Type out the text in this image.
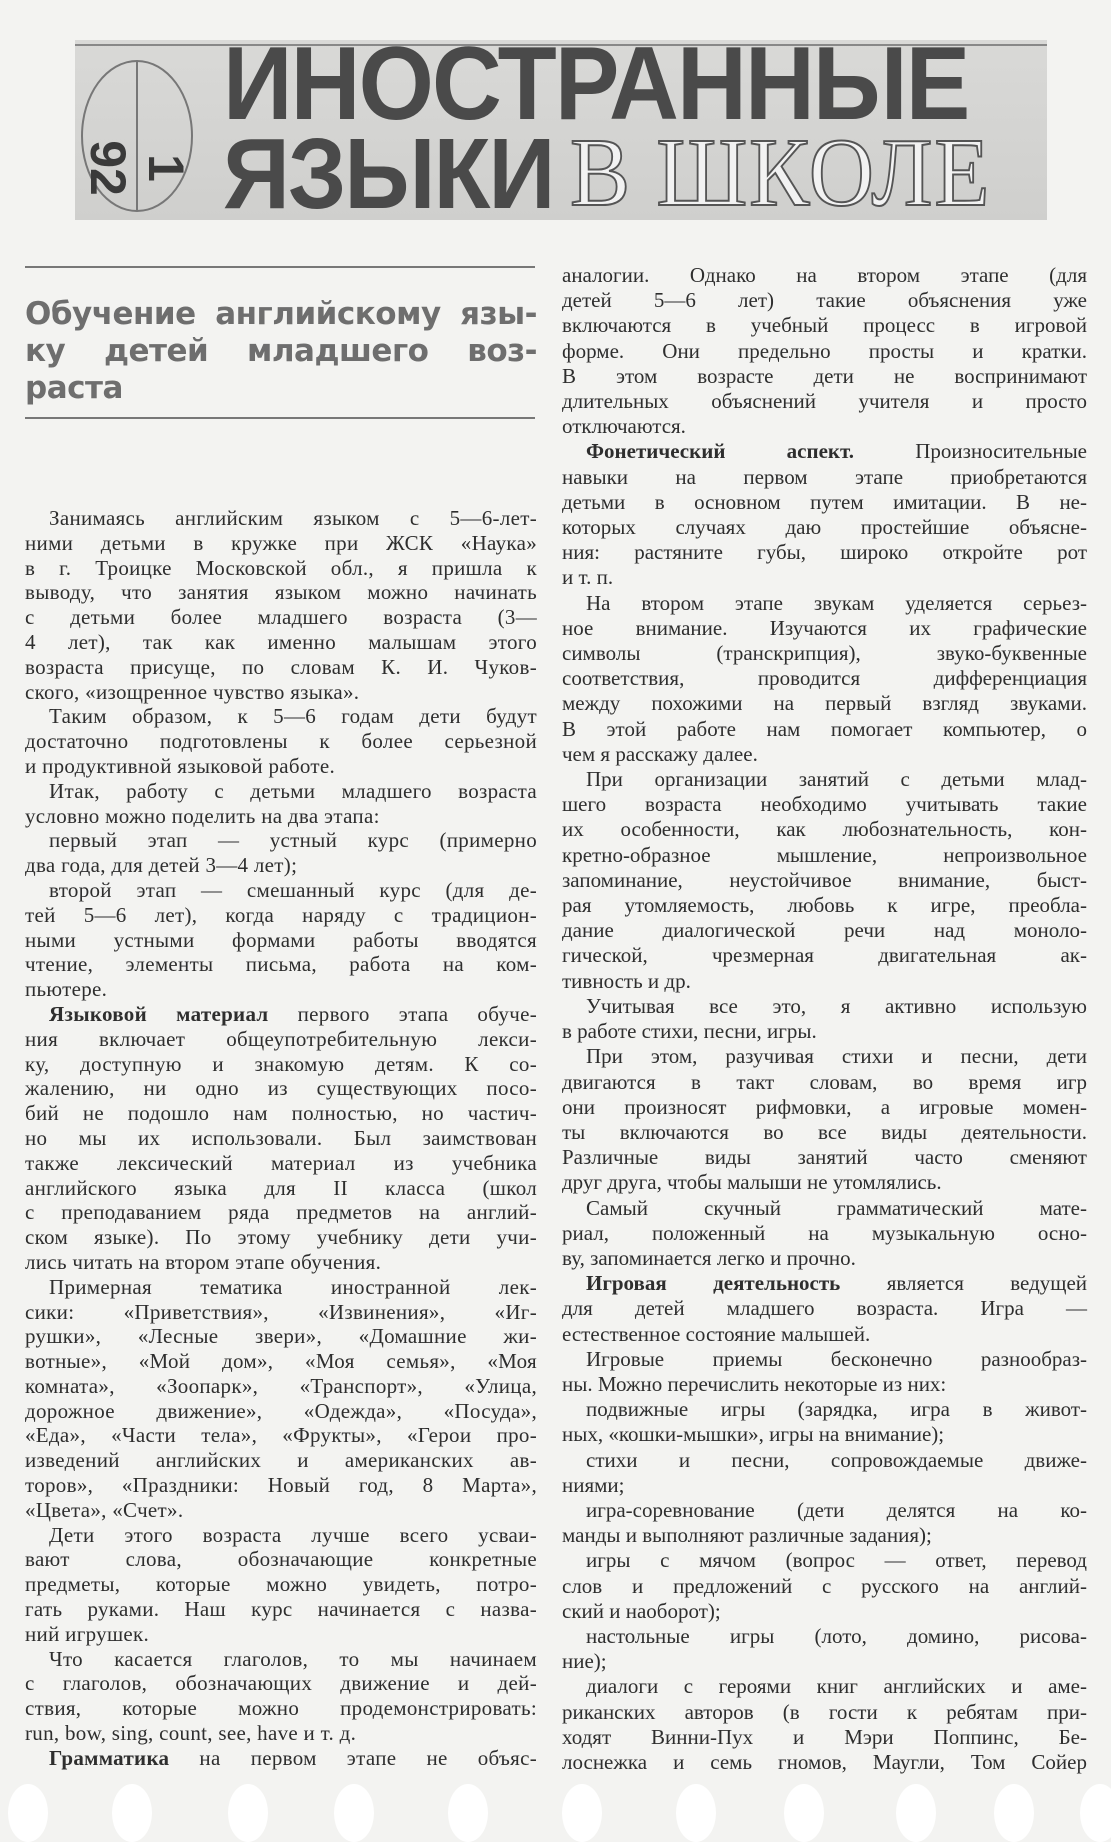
1 92
ИНОСТРАННЫЕ
ЯЗЫКИ В ШКОЛЕ
Обучение английскому язы-
ку детей младшего воз-
раста
Занимаясь английским языком с 5—6-лет-
ними детьми в кружке при ЖСК «Наука»
в г. Троицке Московской обл., я пришла к
выводу, что занятия языком можно начинать
с детьми более младшего возраста (3—
4 лет), так как именно малышам этого
возраста присуще, по словам К. И. Чуков-
ского, «изощренное чувство языка».
Таким образом, к 5—6 годам дети будут
достаточно подготовлены к более серьезной
и продуктивной языковой работе.
Итак, работу с детьми младшего возраста
условно можно поделить на два этапа:
первый этап — устный курс (примерно
два года, для детей 3—4 лет);
второй этап — смешанный курс (для де-
тей 5—6 лет), когда наряду с традицион-
ными устными формами работы вводятся
чтение, элементы письма, работа на ком-
пьютере.
Языковой материал первого этапа обуче-
ния включает общеупотребительную лекси-
ку, доступную и знакомую детям. К со-
жалению, ни одно из существующих посо-
бий не подошло нам полностью, но частич-
но мы их использовали. Был заимствован
также лексический материал из учебника
английского языка для II класса (школ
с преподаванием ряда предметов на англий-
ском языке). По этому учебнику дети учи-
лись читать на втором этапе обучения.
Примерная тематика иностранной лек-
сики: «Приветствия», «Извинения», «Иг-
рушки», «Лесные звери», «Домашние жи-
вотные», «Мой дом», «Моя семья», «Моя
комната», «Зоопарк», «Транспорт», «Улица,
дорожное движение», «Одежда», «Посуда»,
«Еда», «Части тела», «Фрукты», «Герои про-
изведений английских и американских ав-
торов», «Праздники: Новый год, 8 Марта»,
«Цвета», «Счет».
Дети этого возраста лучше всего усваи-
вают слова, обозначающие конкретные
предметы, которые можно увидеть, потро-
гать руками. Наш курс начинается с назва-
ний игрушек.
Что касается глаголов, то мы начинаем
с глаголов, обозначающих движение и дей-
ствия, которые можно продемонстрировать:
run, bow, sing, count, see, have и т. д.
Грамматика на первом этапе не объяс-
аналогии. Однако на втором этапе (для
детей 5—6 лет) такие объяснения уже
включаются в учебный процесс в игровой
форме. Они предельно просты и кратки.
В этом возрасте дети не воспринимают
длительных объяснений учителя и просто
отключаются.
Фонетический аспект. Произносительные
навыки на первом этапе приобретаются
детьми в основном путем имитации. В не-
которых случаях даю простейшие объясне-
ния: растяните губы, широко откройте рот
и т. п.
На втором этапе звукам уделяется серьез-
ное внимание. Изучаются их графические
символы (транскрипция), звуко-буквенные
соответствия, проводится дифференциация
между похожими на первый взгляд звуками.
В этой работе нам помогает компьютер, о
чем я расскажу далее.
При организации занятий с детьми млад-
шего возраста необходимо учитывать такие
их особенности, как любознательность, кон-
кретно-образное мышление, непроизвольное
запоминание, неустойчивое внимание, быст-
рая утомляемость, любовь к игре, преобла-
дание диалогической речи над моноло-
гической, чрезмерная двигательная ак-
тивность и др.
Учитывая все это, я активно использую
в работе стихи, песни, игры.
При этом, разучивая стихи и песни, дети
двигаются в такт словам, во время игр
они произносят рифмовки, а игровые момен-
ты включаются во все виды деятельности.
Различные виды занятий часто сменяют
друг друга, чтобы малыши не утомлялись.
Самый скучный грамматический мате-
риал, положенный на музыкальную осно-
ву, запоминается легко и прочно.
Игровая деятельность является ведущей
для детей младшего возраста. Игра —
естественное состояние малышей.
Игровые приемы бесконечно разнообраз-
ны. Можно перечислить некоторые из них:
подвижные игры (зарядка, игра в живот-
ных, «кошки-мышки», игры на внимание);
стихи и песни, сопровождаемые движе-
ниями;
игра-соревнование (дети делятся на ко-
манды и выполняют различные задания);
игры с мячом (вопрос — ответ, перевод
слов и предложений с русского на англий-
ский и наоборот);
настольные игры (лото, домино, рисова-
ние);
диалоги с героями книг английских и аме-
риканских авторов (в гости к ребятам при-
ходят Винни-Пух и Мэри Поппинс, Бе-
лоснежка и семь гномов, Маугли, Том Сойер
